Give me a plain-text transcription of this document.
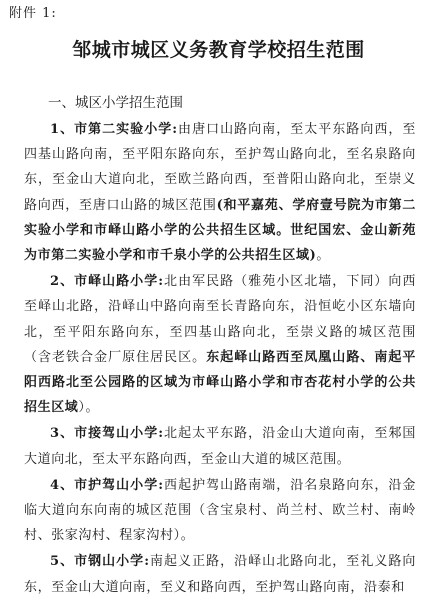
附件 1:
邹城市城区义务教育学校招生范围
一、城区小学招生范围

1、市第二实验小学:由唐口山路向南，至太平东路向西，至四基山路向南，至平阳东路向东，至护驾山路向北，至名泉路向东，至金山大道向北，至欧兰路向西，至普阳山路向北，至崇义路向西，至唐口山路的城区范围(和平嘉苑、学府壹号院为市第二实验小学和市峄山路小学的公共招生区域。世纪国宏、金山新苑为市第二实验小学和市千泉小学的公共招生区域)。

2、市峄山路小学:北由军民路（雅苑小区北墙，下同）向西至峄山北路，沿峄山中路向南至长青路向东，沿恒屹小区东墙向北，至平阳东路向东，至四基山路向北，至崇义路的城区范围（含老铁合金厂原住居民区。东起峄山路西至凤凰山路、南起平阳西路北至公园路的区域为市峄山路小学和市杏花村小学的公共招生区域）。

3、市接驾山小学:北起太平东路，沿金山大道向南，至邾国大道向北，至太平东路向西，至金山大道的城区范围。

4、市护驾山小学:西起护驾山路南端，沿名泉路向东，沿金临大道向东向南的城区范围（含宝泉村、尚兰村、欧兰村、南岭村、张家沟村、程家沟村）。

5、市钢山小学:南起义正路，沿峄山北路向北，至礼义路向东，至金山大道向南，至义和路向西，至护驾山路向南，沿泰和
